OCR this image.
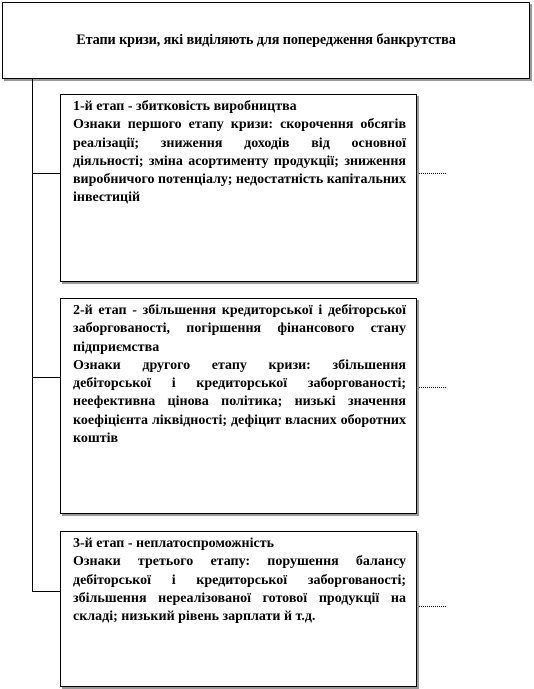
Етапи кризи, які виділяють для попередження банкрутства
1-й етап - збитковість виробництва
Ознаки першого етапу кризи: скорочення обсягів реалізації; зниження доходів від основної діяльності; зміна асортименту продукції; зниження виробничого потенціалу; недостатність капітальних інвестицій
2-й етап - збільшення кредиторської і дебіторської заборгованості, погіршення фінансового стану підприємства
Ознаки другого етапу кризи: збільшення дебіторської і кредиторської заборгованості; неефективна цінова політика; низькі значення коефіцієнта ліквідності; дефіцит власних оборотних коштів
3-й етап - неплатоспроможність
Ознаки третього етапу: порушення балансу дебіторської і кредиторської заборгованості; збільшення нереалізованої готової продукції на складі; низький рівень зарплати й т.д.
